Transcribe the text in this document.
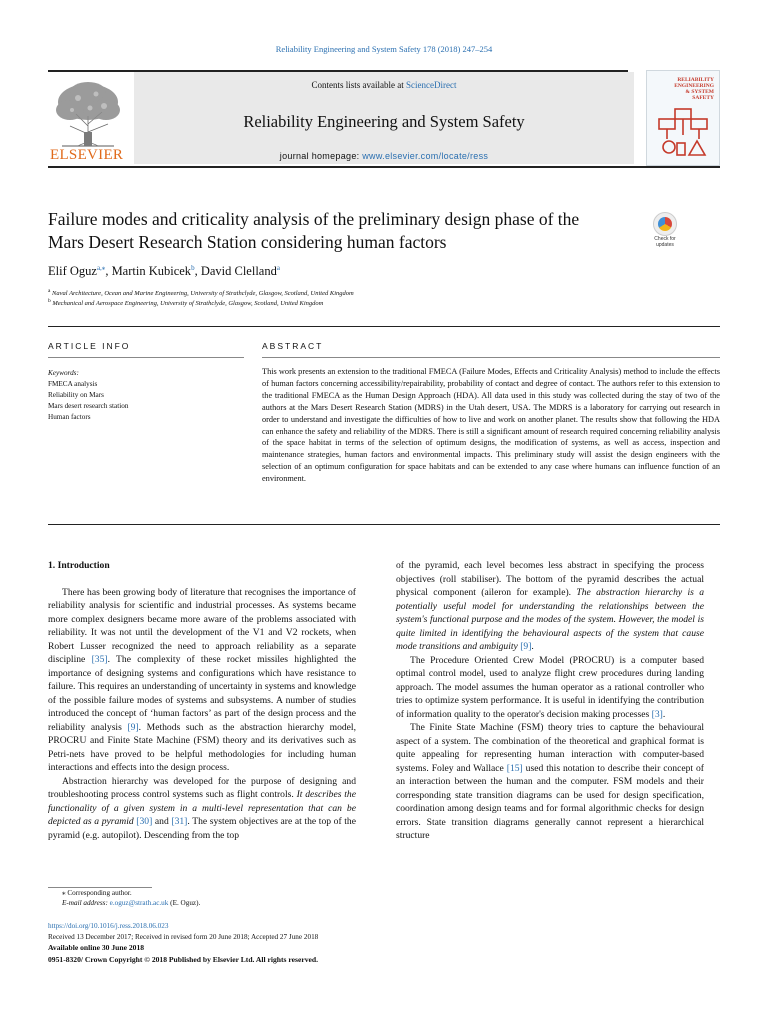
Reliability Engineering and System Safety 178 (2018) 247–254
ELSEVIER
Contents lists available at ScienceDirect
Reliability Engineering and System Safety
journal homepage: www.elsevier.com/locate/ress
RELIABILITY
ENGINEERING
& SYSTEM
SAFETY
Failure modes and criticality analysis of the preliminary design phase of the
Mars Desert Research Station considering human factors	Check for
updates
Elif Oguz$^{a,⁎}$, Martin Kubicek$^b$, David Clelland$^a$
$^a$ Naval Architecture, Ocean and Marine Engineering, University of Strathclyde, Glasgow, Scotland, United Kingdom
$^b$ Mechanical and Aerospace Engineering, University of Strathclyde, Glasgow, Scotland, United Kingdom
ARTICLE INFO
Keywords:
FMECA analysis
Reliability on Mars
Mars desert research station
Human factors
ABSTRACT
This work presents an extension to the traditional FMECA (Failure Modes, Effects and Criticality Analysis) method to include the effects of human factors concerning accessibility/repairability, probability of contact and degree of contact. The authors refer to this extension to the traditional FMECA as the Human Design Approach (HDA). All data used in this study was collected during the stay of two of the authors at the Mars Desert Research Station (MDRS) in the Utah desert, USA. The MDRS is a laboratory for carrying out research in order to understand and investigate the difficulties of how to live and work on another planet. The results show that following the HDA can enhance the safety and reliability of the MDRS. There is still a significant amount of research required concerning reliability analysis of the space habitat in terms of the selection of optimum designs, the modification of systems, as well as access, inspection and maintenance strategies, human factors and environmental impacts. This preliminary study will assist the design engineers with the selection of an optimum configuration for space habitats and can be extended to any case where humans can influence function of an environment.
1. Introduction

There has been growing body of literature that recognises the importance of reliability analysis for scientific and industrial processes. As systems became more complex designers became more aware of the problems associated with reliability. It was not until the development of the V1 and V2 rockets, when Robert Lusser recognized the need to approach reliability as a separate discipline [35]. The complexity of these rocket missiles highlighted the importance of designing systems and configurations which have resistance to failure. This requires an understanding of uncertainty in systems and knowledge of the possible failure modes of systems and subsystems. A number of studies introduced the concept of ‘human factors’ as part of the design process and the reliability analysis [9]. Methods such as the abstraction hierarchy model, PROCRU and Finite State Machine (FSM) theory and its derivatives such as Petri-nets have proved to be helpful methodologies for including human interactions and effects into the design process.

Abstraction hierarchy was developed for the purpose of designing and troubleshooting process control systems such as flight controls. It describes the functionality of a given system in a multi-level representation that can be depicted as a pyramid [30] and [31]. The system objectives are at the top of the pyramid (e.g. autopilot). Descending from the top

of the pyramid, each level becomes less abstract in specifying the process objectives (roll stabiliser). The bottom of the pyramid describes the actual physical component (aileron for example). The abstraction hierarchy is a potentially useful model for understanding the relationships between the system's functional purpose and the modes of the system. However, the model is quite limited in identifying the behavioural aspects of the system that cause mode transitions and ambiguity [9].

The Procedure Oriented Crew Model (PROCRU) is a computer based optimal control model, used to analyze flight crew procedures during landing approach. The model assumes the human operator as a rational controller who tries to optimize system performance. It is useful in identifying the contribution of information quality to the operator's decision making processes [3].

The Finite State Machine (FSM) theory tries to capture the behavioural aspect of a system. The combination of the theoretical and graphical format is quite appealing for representing human interaction with computer-based systems. Foley and Wallace [15] used this notation to describe their concept of an interaction between the human and the computer. FSM models and their corresponding state transition diagrams can be used for design specification, coordination among design teams and for formal algorithmic checks for design errors. State transition diagrams generally cannot represent a hierarchical structure

⁎ Corresponding author.
E-mail address: e.oguz@strath.ac.uk (E. Oguz).
https://doi.org/10.1016/j.ress.2018.06.023
Received 13 December 2017; Received in revised form 20 June 2018; Accepted 27 June 2018
Available online 30 June 2018
0951-8320/ Crown Copyright © 2018 Published by Elsevier Ltd. All rights reserved.
